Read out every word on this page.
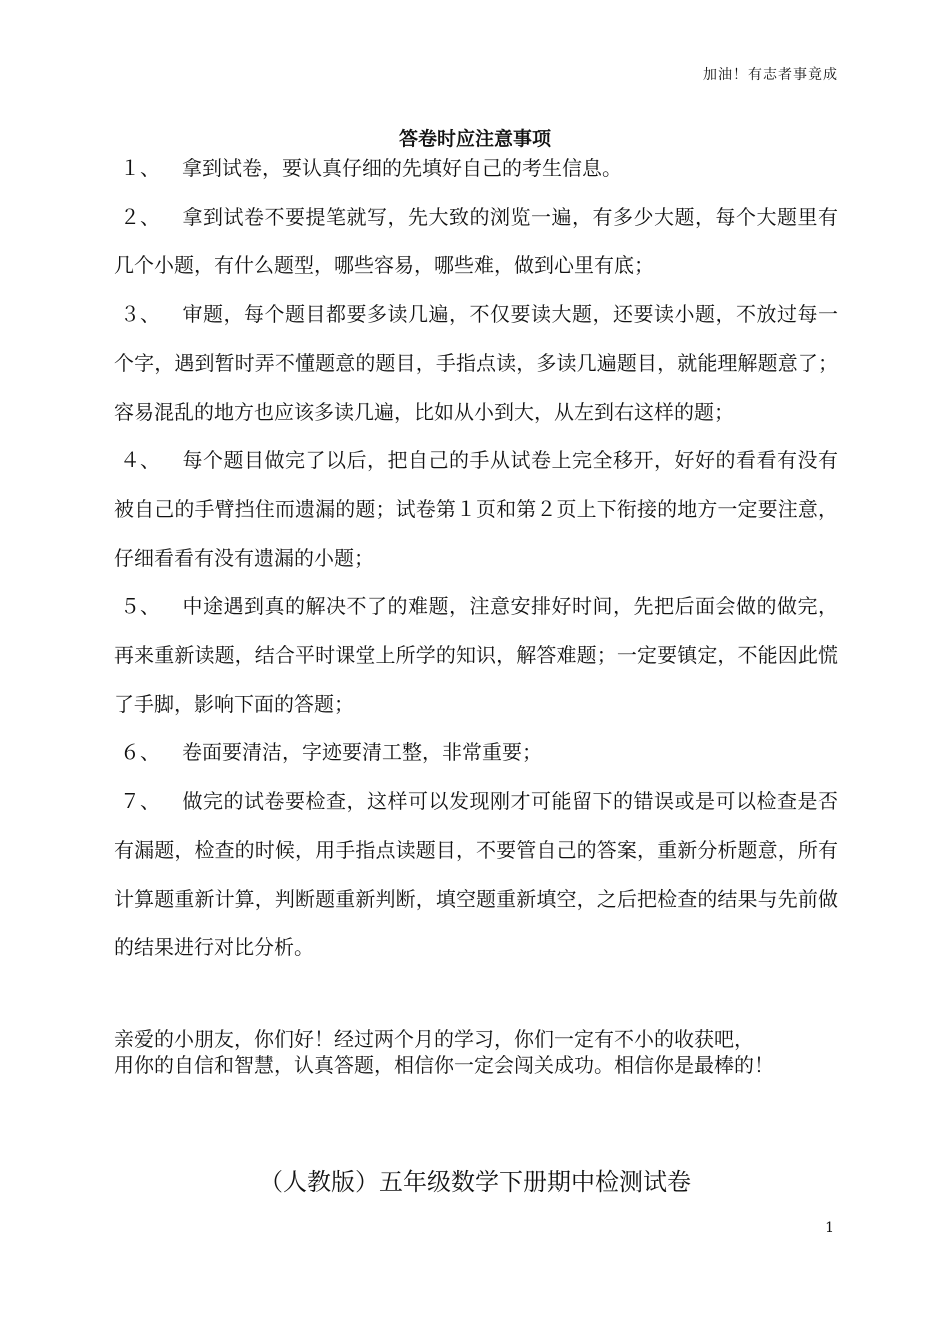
加油！有志者事竟成
答卷时应注意事项
１、 拿到试卷，要认真仔细的先填好自己的考生信息。
２、 拿到试卷不要提笔就写，先大致的浏览一遍，有多少大题，每个大题里有几个小题，有什么题型，哪些容易，哪些难，做到心里有底；
３、 审题，每个题目都要多读几遍，不仅要读大题，还要读小题，不放过每一个字，遇到暂时弄不懂题意的题目，手指点读，多读几遍题目，就能理解题意了；容易混乱的地方也应该多读几遍，比如从小到大，从左到右这样的题；
４、 每个题目做完了以后，把自己的手从试卷上完全移开，好好的看看有没有被自己的手臂挡住而遗漏的题；试卷第１页和第２页上下衔接的地方一定要注意，仔细看看有没有遗漏的小题；
５、 中途遇到真的解决不了的难题，注意安排好时间，先把后面会做的做完，再来重新读题，结合平时课堂上所学的知识，解答难题；一定要镇定，不能因此慌了手脚，影响下面的答题；
６、 卷面要清洁，字迹要清工整，非常重要；
７、 做完的试卷要检查，这样可以发现刚才可能留下的错误或是可以检查是否有漏题，检查的时候，用手指点读题目，不要管自己的答案，重新分析题意，所有计算题重新计算，判断题重新判断，填空题重新填空，之后把检查的结果与先前做的结果进行对比分析。

亲爱的小朋友，你们好！经过两个月的学习，你们一定有不小的收获吧，

用你的自信和智慧，认真答题，相信你一定会闯关成功。相信你是最棒的！

（人教版）五年级数学下册期中检测试卷
1
